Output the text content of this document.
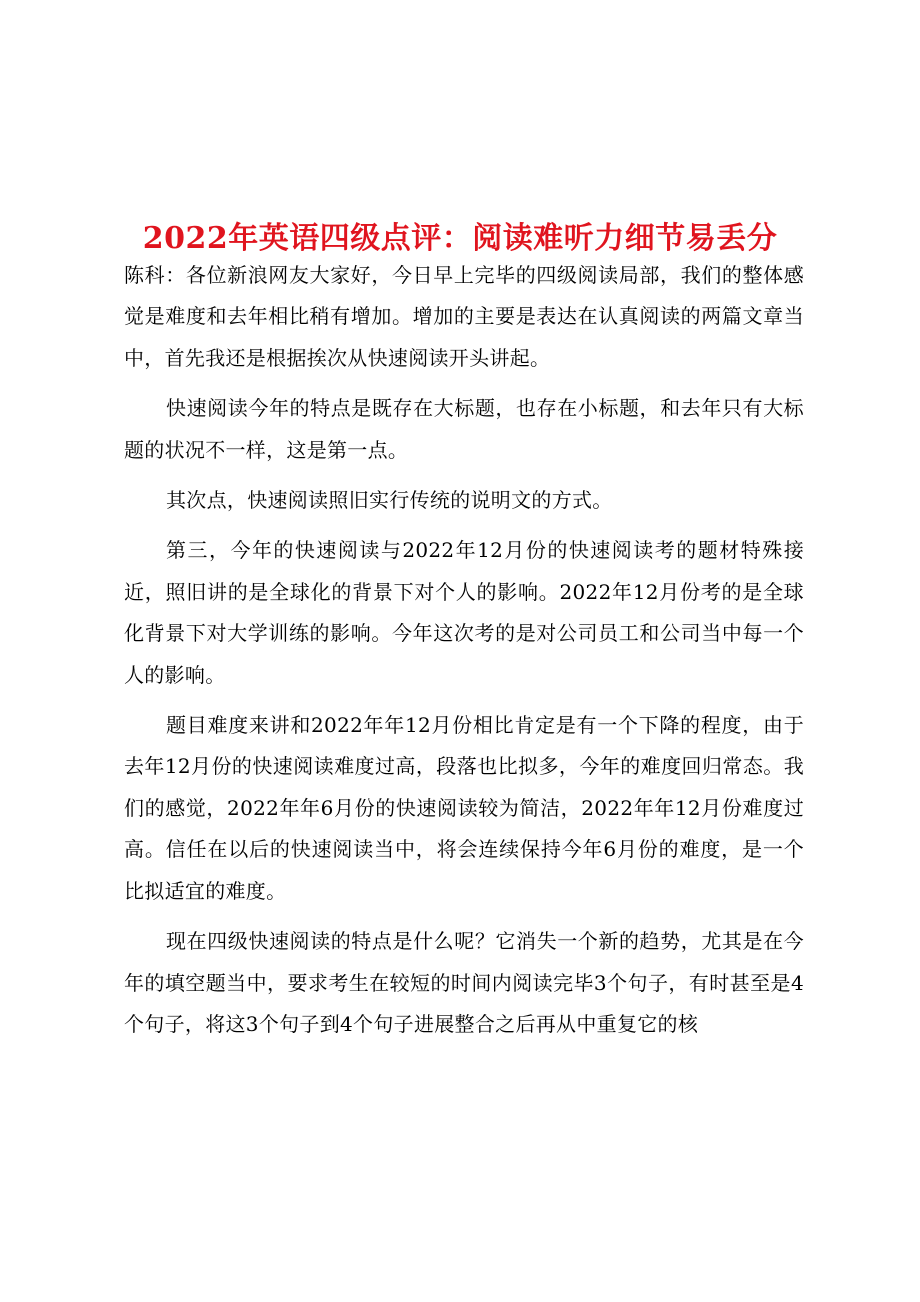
2022年英语四级点评：阅读难听力细节易丢分

陈科：各位新浪网友大家好，今日早上完毕的四级阅读局部，我们的整体感觉是难度和去年相比稍有增加。增加的主要是表达在认真阅读的两篇文章当中，首先我还是根据挨次从快速阅读开头讲起。

快速阅读今年的特点是既存在大标题，也存在小标题，和去年只有大标题的状况不一样，这是第一点。

其次点，快速阅读照旧实行传统的说明文的方式。

第三，今年的快速阅读与2022年12月份的快速阅读考的题材特殊接近，照旧讲的是全球化的背景下对个人的影响。2022年12月份考的是全球化背景下对大学训练的影响。今年这次考的是对公司员工和公司当中每一个人的影响。

题目难度来讲和2022年年12月份相比肯定是有一个下降的程度，由于去年12月份的快速阅读难度过高，段落也比拟多，今年的难度回归常态。我们的感觉，2022年年6月份的快速阅读较为简洁，2022年年12月份难度过高。信任在以后的快速阅读当中，将会连续保持今年6月份的难度，是一个比拟适宜的难度。

现在四级快速阅读的特点是什么呢？它消失一个新的趋势，尤其是在今年的填空题当中，要求考生在较短的时间内阅读完毕3个句子，有时甚至是4个句子，将这3个句子到4个句子进展整合之后再从中重复它的核
